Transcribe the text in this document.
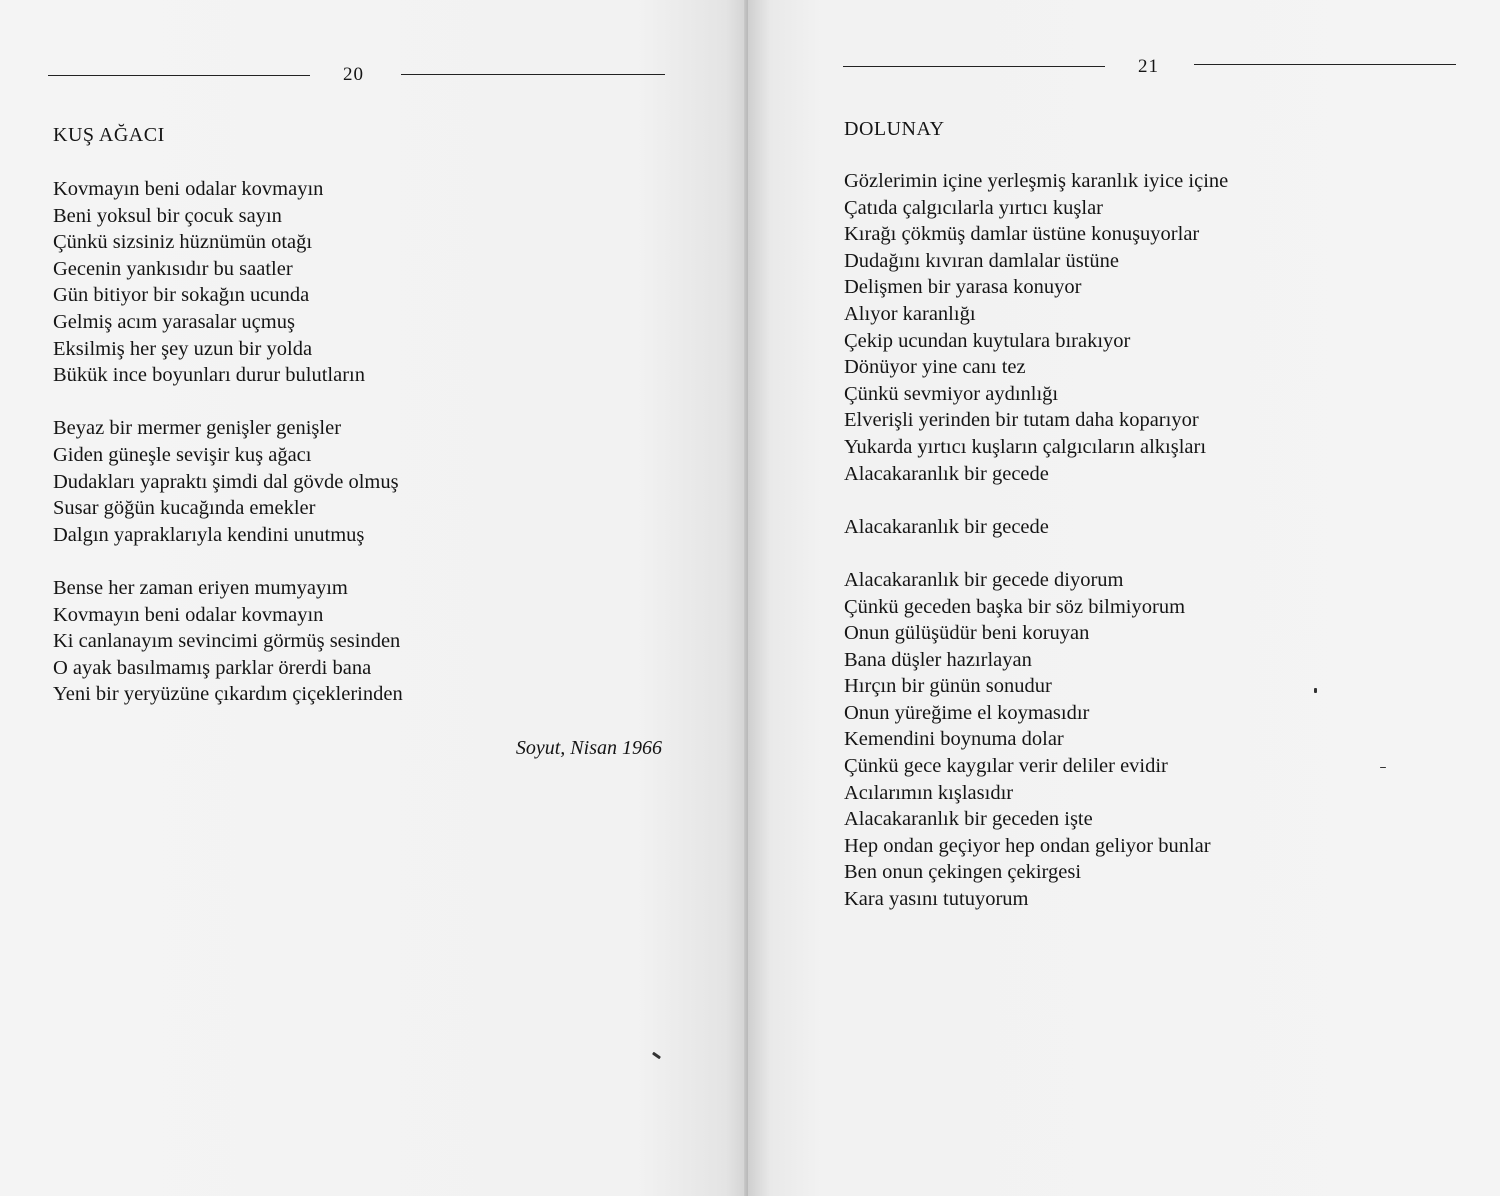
20
KUŞ AĞACI
Kovmayın beni odalar kovmayın
Beni yoksul bir çocuk sayın
Çünkü sizsiniz hüznümün otağı
Gecenin yankısıdır bu saatler
Gün bitiyor bir sokağın ucunda
Gelmiş acım yarasalar uçmuş
Eksilmiş her şey uzun bir yolda
Bükük ince boyunları durur bulutların
Beyaz bir mermer genişler genişler
Giden güneşle sevişir kuş ağacı
Dudakları yapraktı şimdi dal gövde olmuş
Susar göğün kucağında emekler
Dalgın yapraklarıyla kendini unutmuş
Bense her zaman eriyen mumyayım
Kovmayın beni odalar kovmayın
Ki canlanayım sevincimi görmüş sesinden
O ayak basılmamış parklar örerdi bana
Yeni bir yeryüzüne çıkardım çiçeklerinden
Soyut, Nisan 1966
21
DOLUNAY
Gözlerimin içine yerleşmiş karanlık iyice içine
Çatıda çalgıcılarla yırtıcı kuşlar
Kırağı çökmüş damlar üstüne konuşuyorlar
Dudağını kıvıran damlalar üstüne
Delişmen bir yarasa konuyor
Alıyor karanlığı
Çekip ucundan kuytulara bırakıyor
Dönüyor yine canı tez
Çünkü sevmiyor aydınlığı
Elverişli yerinden bir tutam daha koparıyor
Yukarda yırtıcı kuşların çalgıcıların alkışları
Alacakaranlık bir gecede
Alacakaranlık bir gecede
Alacakaranlık bir gecede diyorum
Çünkü geceden başka bir söz bilmiyorum
Onun gülüşüdür beni koruyan
Bana düşler hazırlayan
Hırçın bir günün sonudur
Onun yüreğime el koymasıdır
Kemendini boynuma dolar
Çünkü gece kaygılar verir deliler evidir
Acılarımın kışlasıdır
Alacakaranlık bir geceden işte
Hep ondan geçiyor hep ondan geliyor bunlar
Ben onun çekingen çekirgesi
Kara yasını tutuyorum
